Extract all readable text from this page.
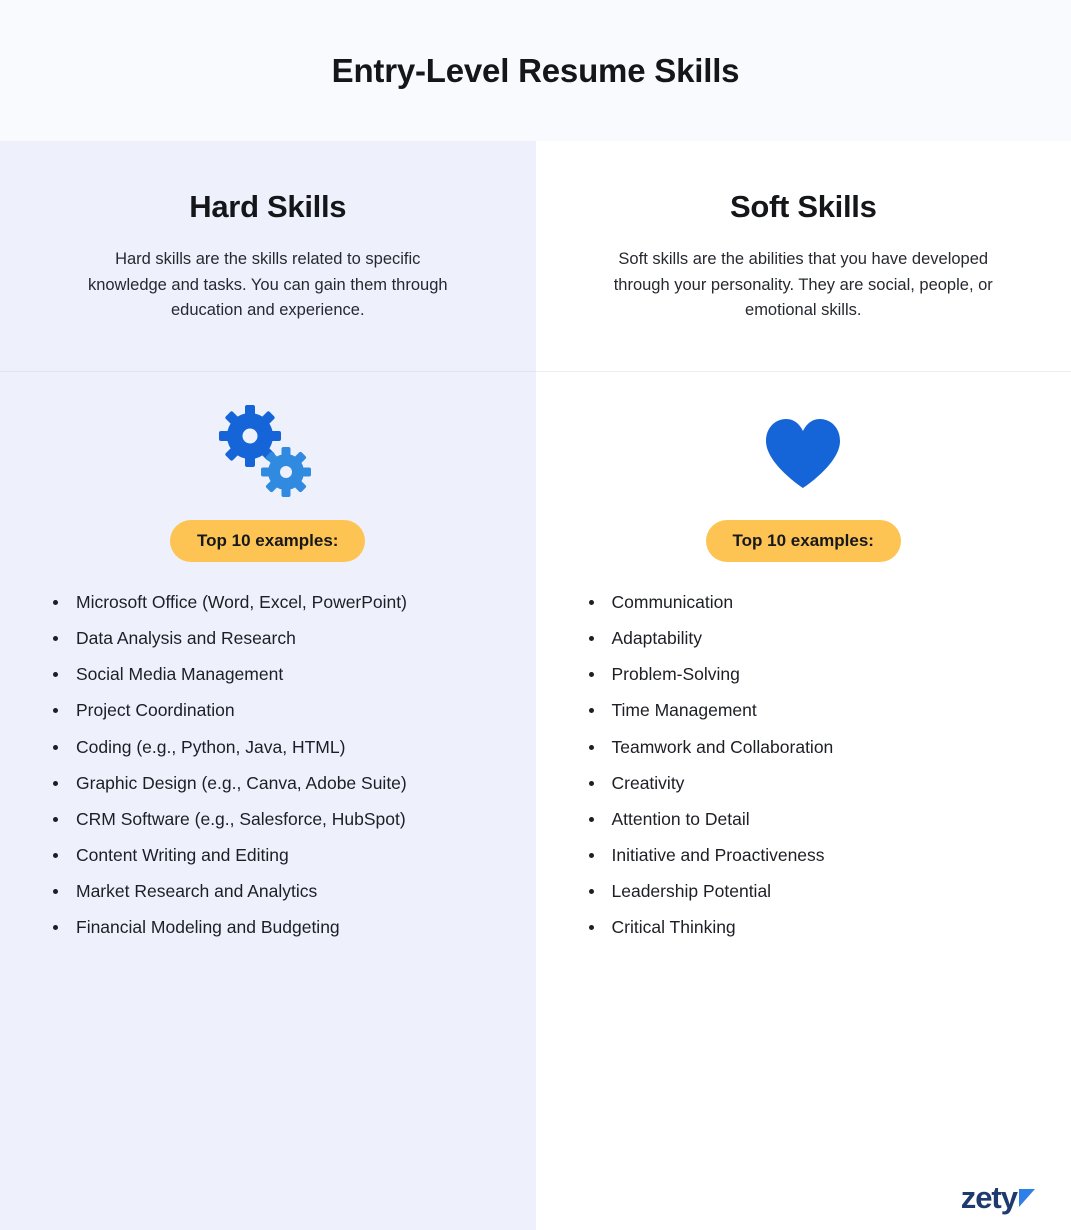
Entry-Level Resume Skills
Hard Skills

Hard skills are the skills related to specific knowledge and tasks. You can gain them through education and experience.

Top 10 examples:
• Microsoft Office (Word, Excel, PowerPoint)
• Data Analysis and Research
• Social Media Management
• Project Coordination
• Coding (e.g., Python, Java, HTML)
• Graphic Design (e.g., Canva, Adobe Suite)
• CRM Software (e.g., Salesforce, HubSpot)
• Content Writing and Editing
• Market Research and Analytics
• Financial Modeling and Budgeting
Soft Skills

Soft skills are the abilities that you have developed through your personality. They are social, people, or emotional skills.

Top 10 examples:
• Communication
• Adaptability
• Problem-Solving
• Time Management
• Teamwork and Collaboration
• Creativity
• Attention to Detail
• Initiative and Proactiveness
• Leadership Potential
• Critical Thinking
zety
